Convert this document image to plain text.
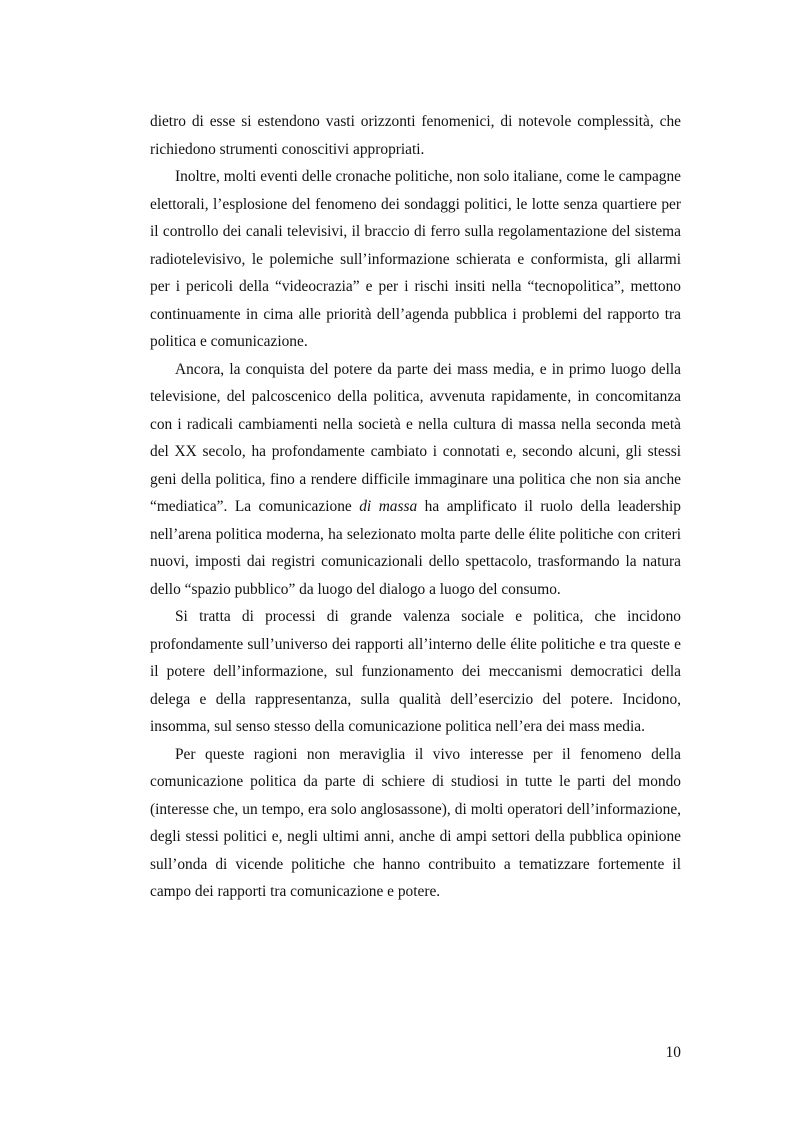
dietro di esse si estendono vasti orizzonti fenomenici, di notevole complessità, che richiedono strumenti conoscitivi appropriati.

Inoltre, molti eventi delle cronache politiche, non solo italiane, come le campagne elettorali, l’esplosione del fenomeno dei sondaggi politici, le lotte senza quartiere per il controllo dei canali televisivi, il braccio di ferro sulla regolamentazione del sistema radiotelevisivo, le polemiche sull’informazione schierata e conformista, gli allarmi per i pericoli della “videocrazia” e per i rischi insiti nella “tecnopolitica”, mettono continuamente in cima alle priorità dell’agenda pubblica i problemi del rapporto tra politica e comunicazione.

Ancora, la conquista del potere da parte dei mass media, e in primo luogo della televisione, del palcoscenico della politica, avvenuta rapidamente, in concomitanza con i radicali cambiamenti nella società e nella cultura di massa nella seconda metà del XX secolo, ha profondamente cambiato i connotati e, secondo alcuni, gli stessi geni della politica, fino a rendere difficile immaginare una politica che non sia anche “mediatica”. La comunicazione di massa ha amplificato il ruolo della leadership nell’arena politica moderna, ha selezionato molta parte delle élite politiche con criteri nuovi, imposti dai registri comunicazionali dello spettacolo, trasformando la natura dello “spazio pubblico” da luogo del dialogo a luogo del consumo.

Si tratta di processi di grande valenza sociale e politica, che incidono profondamente sull’universo dei rapporti all’interno delle élite politiche e tra queste e il potere dell’informazione, sul funzionamento dei meccanismi democratici della delega e della rappresentanza, sulla qualità dell’esercizio del potere. Incidono, insomma, sul senso stesso della comunicazione politica nell’era dei mass media.

Per queste ragioni non meraviglia il vivo interesse per il fenomeno della comunicazione politica da parte di schiere di studiosi in tutte le parti del mondo (interesse che, un tempo, era solo anglosassone), di molti operatori dell’informazione, degli stessi politici e, negli ultimi anni, anche di ampi settori della pubblica opinione sull’onda di vicende politiche che hanno contribuito a tematizzare fortemente il campo dei rapporti tra comunicazione e potere.

10
